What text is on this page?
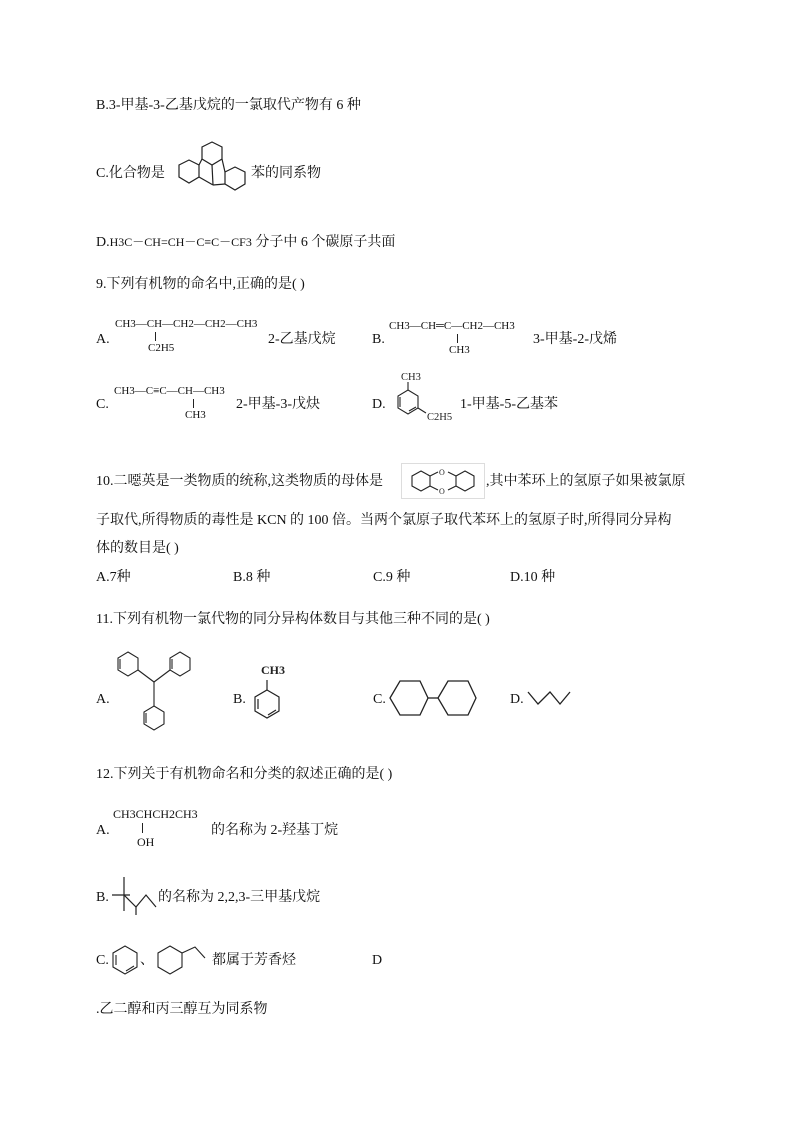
B.3-甲基-3-乙基戊烷的一氯取代产物有 6 种
C.化合物是	苯的同系物
D.H3C－CH=CH－C≡C－CF3 分子中 6 个碳原子共面
9.下列有机物的命名中,正确的是( )
A.
CH3—CH—CH2—CH2—CH3
C2H5
2-乙基戊烷	B.
CH3—CH═C—CH2—CH3
CH3
3-甲基-2-戊烯
C.
CH3—C≡C—CH—CH3
CH3
2-甲基-3-戊炔	D.
CH3
C2H5
1-甲基-5-乙基苯
10.二噁英是一类物质的统称,这类物质的母体是
O
O
,其中苯环上的氢原子如果被氯原
子取代,所得物质的毒性是 KCN 的 100 倍。当两个氯原子取代苯环上的氢原子时,所得同分异构
体的数目是( )
A.7种	B.8 种	C.9 种	D.10 种
11.下列有机物一氯代物的同分异构体数目与其他三种不同的是( )
A.	B.
CH3
C.	D.
12.下列关于有机物命名和分类的叙述正确的是( )
A.
CH3CHCH2CH3
OH
的名称为 2-羟基丁烷
B.	的名称为 2,2,3-三甲基戊烷
C. 、	都属于芳香烃	D
.乙二醇和丙三醇互为同系物
